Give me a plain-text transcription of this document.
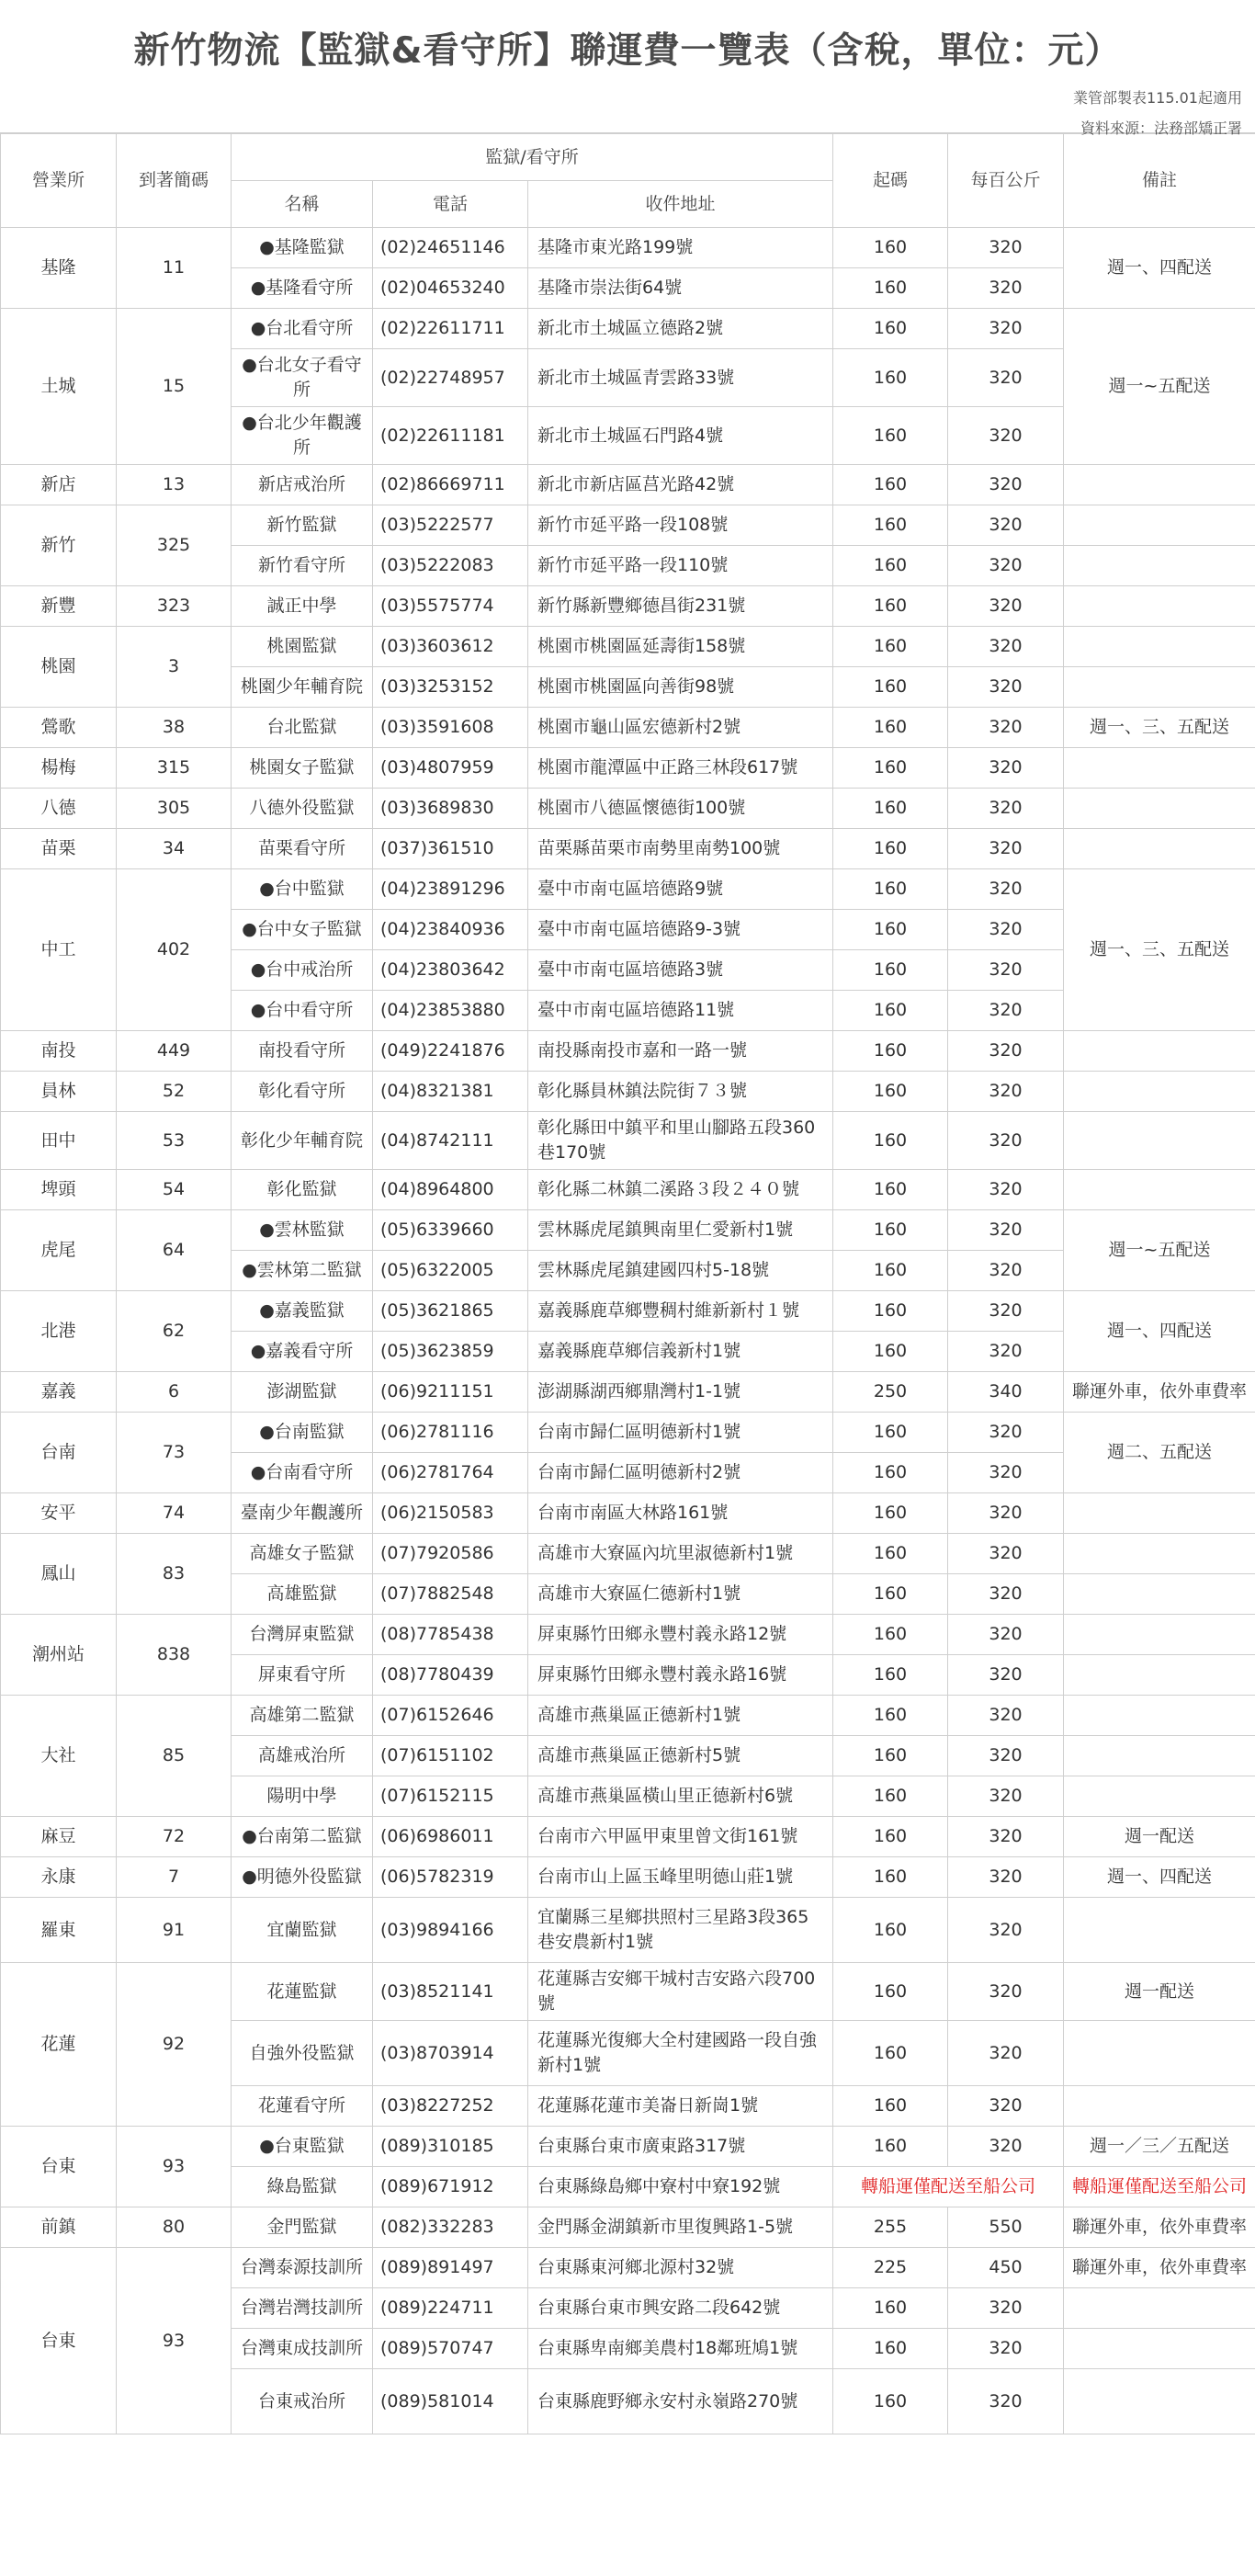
新竹物流【監獄&看守所】聯運費一覽表（含稅，單位：元）
業管部製表115.01起適用
資料來源：法務部矯正署
營業所	到著簡碼	監獄/看守所			起碼	每百公斤	備註
		名稱	電話	收件地址			
基隆	11	●基隆監獄	(02)24651146	基隆市東光路199號	160	320	週一、四配送
		●基隆看守所	(02)04653240	基隆市崇法街64號	160	320	
土城	15	●台北看守所	(02)22611711	新北市土城區立德路2號	160	320	週一~五配送
		●台北女子看守所	(02)22748957	新北市土城區青雲路33號	160	320	
		●台北少年觀護所	(02)22611181	新北市土城區石門路4號	160	320	
新店	13	新店戒治所	(02)86669711	新北市新店區莒光路42號	160	320	
新竹	325	新竹監獄	(03)5222577	新竹市延平路一段108號	160	320	
		新竹看守所	(03)5222083	新竹市延平路一段110號	160	320	
新豐	323	誠正中學	(03)5575774	新竹縣新豐鄉德昌街231號	160	320	
桃園	3	桃園監獄	(03)3603612	桃園市桃園區延壽街158號	160	320	
		桃園少年輔育院	(03)3253152	桃園市桃園區向善街98號	160	320	
鶯歌	38	台北監獄	(03)3591608	桃園市龜山區宏德新村2號	160	320	週一、三、五配送
楊梅	315	桃園女子監獄	(03)4807959	桃園市龍潭區中正路三林段617號	160	320	
八德	305	八德外役監獄	(03)3689830	桃園市八德區懷德街100號	160	320	
苗栗	34	苗栗看守所	(037)361510	苗栗縣苗栗市南勢里南勢100號	160	320	
中工	402	●台中監獄	(04)23891296	臺中市南屯區培德路9號	160	320	週一、三、五配送
		●台中女子監獄	(04)23840936	臺中市南屯區培德路9-3號	160	320	
		●台中戒治所	(04)23803642	臺中市南屯區培德路3號	160	320	
		●台中看守所	(04)23853880	臺中市南屯區培德路11號	160	320	
南投	449	南投看守所	(049)2241876	南投縣南投市嘉和一路一號	160	320	
員林	52	彰化看守所	(04)8321381	彰化縣員林鎮法院街７３號	160	320	
田中	53	彰化少年輔育院	(04)8742111	彰化縣田中鎮平和里山腳路五段360巷170號	160	320	
埤頭	54	彰化監獄	(04)8964800	彰化縣二林鎮二溪路３段２４０號	160	320	
虎尾	64	●雲林監獄	(05)6339660	雲林縣虎尾鎮興南里仁愛新村1號	160	320	週一~五配送
		●雲林第二監獄	(05)6322005	雲林縣虎尾鎮建國四村5-18號	160	320	
北港	62	●嘉義監獄	(05)3621865	嘉義縣鹿草鄉豐稠村維新新村１號	160	320	週一、四配送
		●嘉義看守所	(05)3623859	嘉義縣鹿草鄉信義新村1號	160	320	
嘉義	6	澎湖監獄	(06)9211151	澎湖縣湖西鄉鼎灣村1-1號	250	340	聯運外車，依外車費率
台南	73	●台南監獄	(06)2781116	台南市歸仁區明德新村1號	160	320	週二、五配送
		●台南看守所	(06)2781764	台南市歸仁區明德新村2號	160	320	
安平	74	臺南少年觀護所	(06)2150583	台南市南區大林路161號	160	320	
鳳山	83	高雄女子監獄	(07)7920586	高雄市大寮區內坑里淑德新村1號	160	320	
		高雄監獄	(07)7882548	高雄市大寮區仁德新村1號	160	320	
潮州站	838	台灣屏東監獄	(08)7785438	屏東縣竹田鄉永豐村義永路12號	160	320	
		屏東看守所	(08)7780439	屏東縣竹田鄉永豐村義永路16號	160	320	
大社	85	高雄第二監獄	(07)6152646	高雄市燕巢區正德新村1號	160	320	
		高雄戒治所	(07)6151102	高雄市燕巢區正德新村5號	160	320	
		陽明中學	(07)6152115	高雄市燕巢區橫山里正德新村6號	160	320	
麻豆	72	●台南第二監獄	(06)6986011	台南市六甲區甲東里曾文街161號	160	320	週一配送
永康	7	●明德外役監獄	(06)5782319	台南市山上區玉峰里明德山莊1號	160	320	週一、四配送
羅東	91	宜蘭監獄	(03)9894166	宜蘭縣三星鄉拱照村三星路3段365巷安農新村1號	160	320	
花蓮	92	花蓮監獄	(03)8521141	花蓮縣吉安鄉干城村吉安路六段700號	160	320	週一配送
		自強外役監獄	(03)8703914	花蓮縣光復鄉大全村建國路一段自強新村1號	160	320	
		花蓮看守所	(03)8227252	花蓮縣花蓮市美崙日新崗1號	160	320	
台東	93	●台東監獄	(089)310185	台東縣台東市廣東路317號	160	320	週一／三／五配送
		綠島監獄	(089)671912	台東縣綠島鄉中寮村中寮192號	轉船運僅配送至船公司		轉船運僅配送至船公司
前鎮	80	金門監獄	(082)332283	金門縣金湖鎮新市里復興路1-5號	255	550	聯運外車，依外車費率
台東	93	台灣泰源技訓所	(089)891497	台東縣東河鄉北源村32號	225	450	聯運外車，依外車費率
		台灣岩灣技訓所	(089)224711	台東縣台東市興安路二段642號	160	320	
		台灣東成技訓所	(089)570747	台東縣卑南鄉美農村18鄰班鳩1號	160	320	
		台東戒治所	(089)581014	台東縣鹿野鄉永安村永嶺路270號	160	320	
